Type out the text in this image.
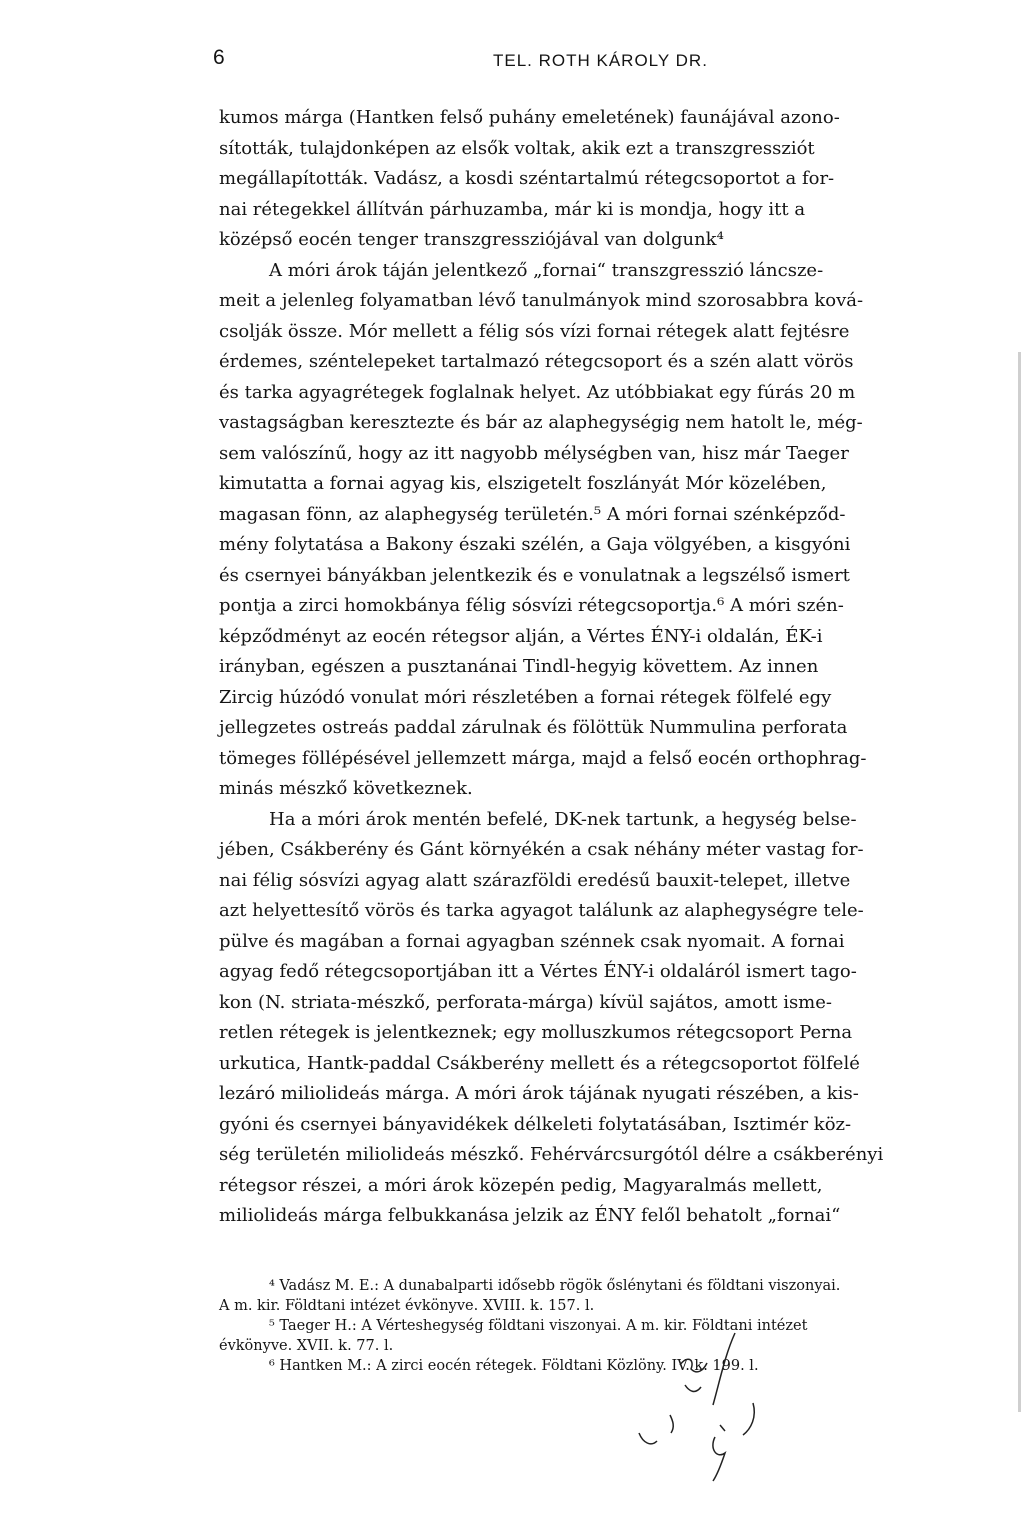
6	TEL. ROTH KÁROLY DR.
kumos márga (Hantken felső puhány emeletének) faunájával azono-
sították, tulajdonképen az elsők voltak, akik ezt a transzgressziót
megállapították. Vadász, a kosdi széntartalmú rétegcsoportot a for-
nai rétegekkel állítván párhuzamba, már ki is mondja, hogy itt a
középső eocén tenger transzgressziójával van dolgunk⁴
A móri árok táján jelentkező „fornai“ transzgresszió láncsze-
meit a jelenleg folyamatban lévő tanulmányok mind szorosabbra ková-
csolják össze. Mór mellett a félig sós vízi fornai rétegek alatt fejtésre
érdemes, széntelepeket tartalmazó rétegcsoport és a szén alatt vörös
és tarka agyagrétegek foglalnak helyet. Az utóbbiakat egy fúrás 20 m
vastagságban keresztezte és bár az alaphegységig nem hatolt le, még-
sem valószínű, hogy az itt nagyobb mélységben van, hisz már Taeger
kimutatta a fornai agyag kis, elszigetelt foszlányát Mór közelében,
magasan fönn, az alaphegység területén.⁵ A móri fornai szénképződ-
mény folytatása a Bakony északi szélén, a Gaja völgyében, a kisgyóni
és csernyei bányákban jelentkezik és e vonulatnak a legszélső ismert
pontja a zirci homokbánya félig sósvízi rétegcsoportja.⁶ A móri szén-
képződményt az eocén rétegsor alján, a Vértes ÉNY-i oldalán, ÉK-i
irányban, egészen a pusztanánai Tindl-hegyig követtem. Az innen
Zircig húzódó vonulat móri részletében a fornai rétegek fölfelé egy
jellegzetes ostreás paddal zárulnak és fölöttük Nummulina perforata
tömeges föllépésével jellemzett márga, majd a felső eocén orthophrag-
minás mészkő következnek.
Ha a móri árok mentén befelé, DK-nek tartunk, a hegység belse-
jében, Csákberény és Gánt környékén a csak néhány méter vastag for-
nai félig sósvízi agyag alatt szárazföldi eredésű bauxit-telepet, illetve
azt helyettesítő vörös és tarka agyagot találunk az alaphegységre tele-
pülve és magában a fornai agyagban szénnek csak nyomait. A fornai
agyag fedő rétegcsoportjában itt a Vértes ÉNY-i oldaláról ismert tago-
kon (N. striata-mészkő, perforata-márga) kívül sajátos, amott isme-
retlen rétegek is jelentkeznek; egy molluszkumos rétegcsoport Perna
urkutica, Hantk-paddal Csákberény mellett és a rétegcsoportot fölfelé
lezáró miliolideás márga. A móri árok tájának nyugati részében, a kis-
gyóni és csernyei bányavidékek délkeleti folytatásában, Isztimér köz-
ség területén miliolideás mészkő. Fehérvárcsurgótól délre a csákberényi
rétegsor részei, a móri árok közepén pedig, Magyaralmás mellett,
miliolideás márga felbukkanása jelzik az ÉNY felől behatolt „fornai“
⁴ Vadász M. E.: A dunabalparti idősebb rögök őslénytani és földtani viszonyai.
A m. kir. Földtani intézet évkönyve. XVIII. k. 157. l.
⁵ Taeger H.: A Vérteshegység földtani viszonyai. A m. kir. Földtani intézet
évkönyve. XVII. k. 77. l.
⁶ Hantken M.: A zirci eocén rétegek. Földtani Közlöny. IV. k. 199. l.
